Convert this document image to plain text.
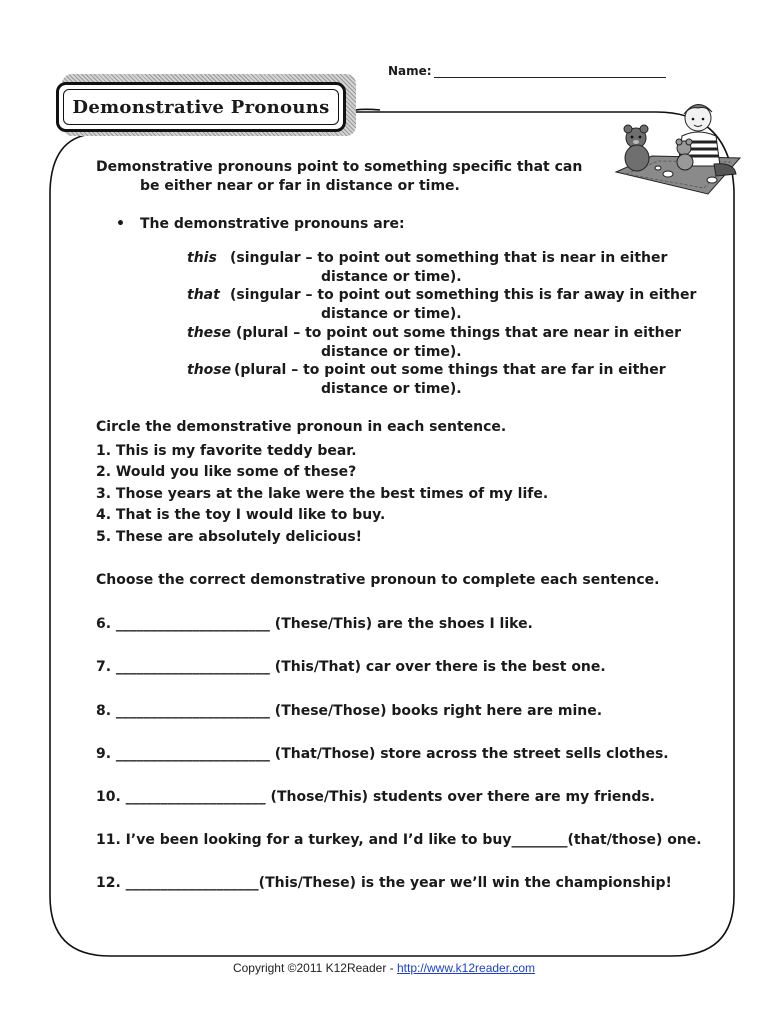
Name:
Demonstrative Pronouns
Demonstrative pronouns point to something specific that can
be either near or far in distance or time.
• The demonstrative pronouns are:
this (singular – to point out something that is near in either
distance or time).
that (singular – to point out something this is far away in either
distance or time).
these (plural – to point out some things that are near in either
distance or time).
those (plural – to point out some things that are far in either
distance or time).
Circle the demonstrative pronoun in each sentence.
1. This is my favorite teddy bear.
2. Would you like some of these?
3. Those years at the lake were the best times of my life.
4. That is the toy I would like to buy.
5. These are absolutely delicious!
Choose the correct demonstrative pronoun to complete each sentence.
6. ______________________ (These/This) are the shoes I like.
7. ______________________ (This/That) car over there is the best one.
8. ______________________ (These/Those) books right here are mine.
9. ______________________ (That/Those) store across the street sells clothes.
10. ____________________ (Those/This) students over there are my friends.
11. I’ve been looking for a turkey, and I’d like to buy________(that/those) one.
12. ___________________(This/These) is the year we’ll win the championship!
Copyright ©2011 K12Reader - http://www.k12reader.com
